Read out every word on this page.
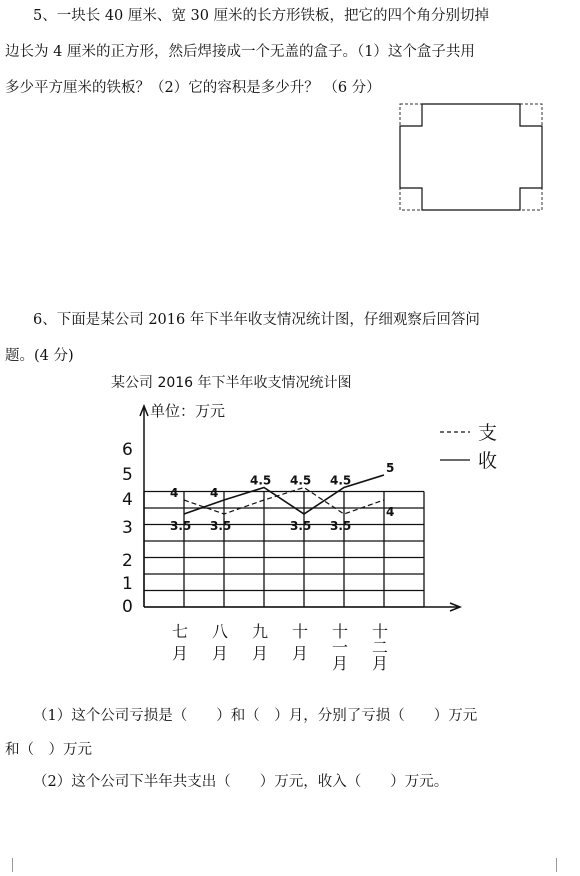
5、一块长 40 厘米、宽 30 厘米的长方形铁板，把它的四个角分别切掉
边长为 4 厘米的正方形，然后焊接成一个无盖的盒子。（1）这个盒子共用
多少平方厘米的铁板？（2）它的容积是多少升？ （6 分）
6、下面是某公司 2016 年下半年收支情况统计图，仔细观察后回答问
题。(4 分)
某公司 2016 年下半年收支情况统计图
单位：万元
0
1
2
3
4
5
6
七
月
八
月
九
月
十
月
十
一
月
十
二
月
4
3.5
4
3.5
4.5 4.5
3.5
4.5
3.5
5
4
支
收
（1）这个公司亏损是（　　）和（　）月，分别了亏损（　　）万元
和（　）万元
（2）这个公司下半年共支出（　　）万元，收入（　　）万元。
